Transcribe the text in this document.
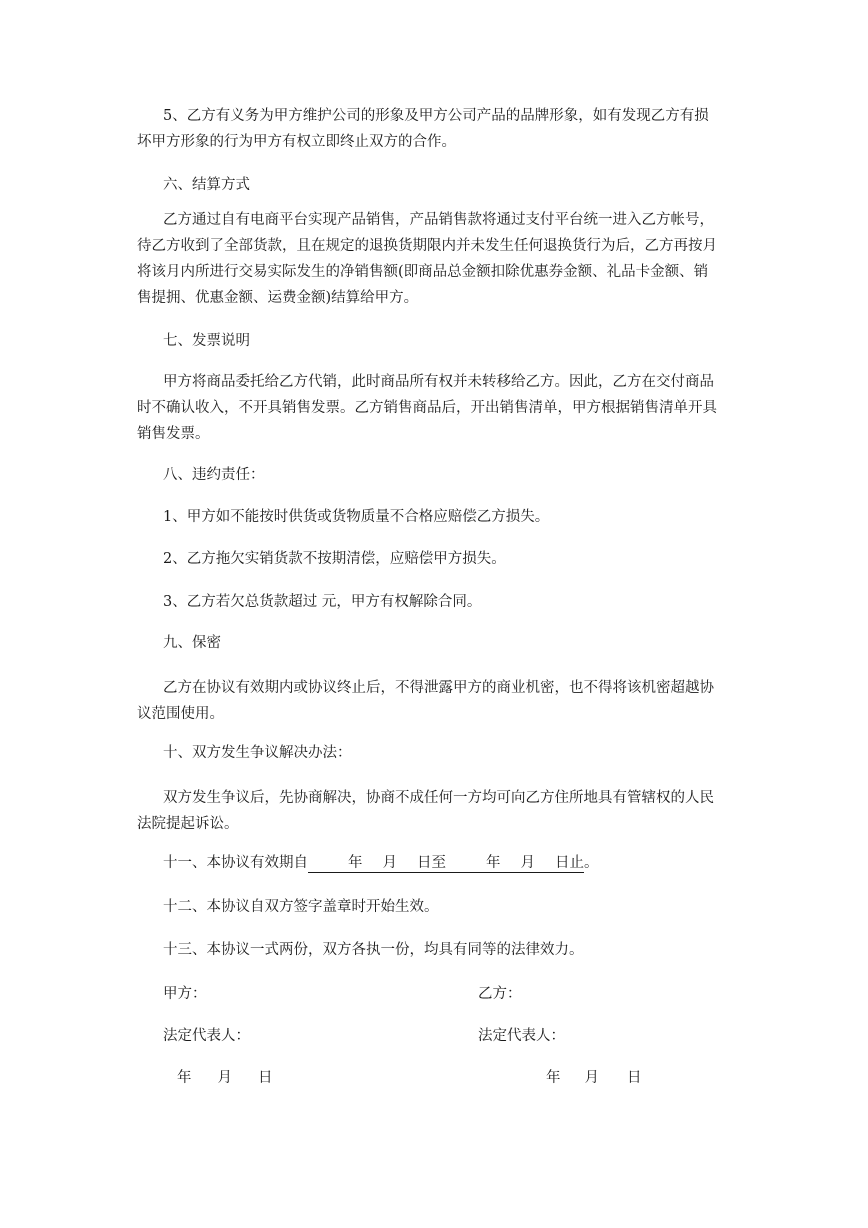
5、乙方有义务为甲方维护公司的形象及甲方公司产品的品牌形象，如有发现乙方有损
坏甲方形象的行为甲方有权立即终止双方的合作。
六、结算方式
乙方通过自有电商平台实现产品销售，产品销售款将通过支付平台统一进入乙方帐号，
待乙方收到了全部货款，且在规定的退换货期限内并未发生任何退换货行为后，乙方再按月
将该月内所进行交易实际发生的净销售额(即商品总金额扣除优惠券金额、礼品卡金额、销
售提拥、优惠金额、运费金额)结算给甲方。
七、发票说明
甲方将商品委托给乙方代销，此时商品所有权并未转移给乙方。因此，乙方在交付商品
时不确认收入，不开具销售发票。乙方销售商品后，开出销售清单，甲方根据销售清单开具
销售发票。
八、违约责任：
1、甲方如不能按时供货或货物质量不合格应赔偿乙方损失。
2、乙方拖欠实销货款不按期清偿，应赔偿甲方损失。
3、乙方若欠总货款超过 元，甲方有权解除合同。
九、保密
乙方在协议有效期内或协议终止后，不得泄露甲方的商业机密，也不得将该机密超越协
议范围使用。
十、双方发生争议解决办法：
双方发生争议后，先协商解决，协商不成任何一方均可向乙方住所地具有管辖权的人民
法院提起诉讼。
十一、本协议有效期自	年 月 日至	年 月 日止。
十二、本协议自双方签字盖章时开始生效。
十三、本协议一式两份，双方各执一份，均具有同等的法律效力。
甲方：	乙方：
法定代表人：	法定代表人：
年 月 日	年 月 日
